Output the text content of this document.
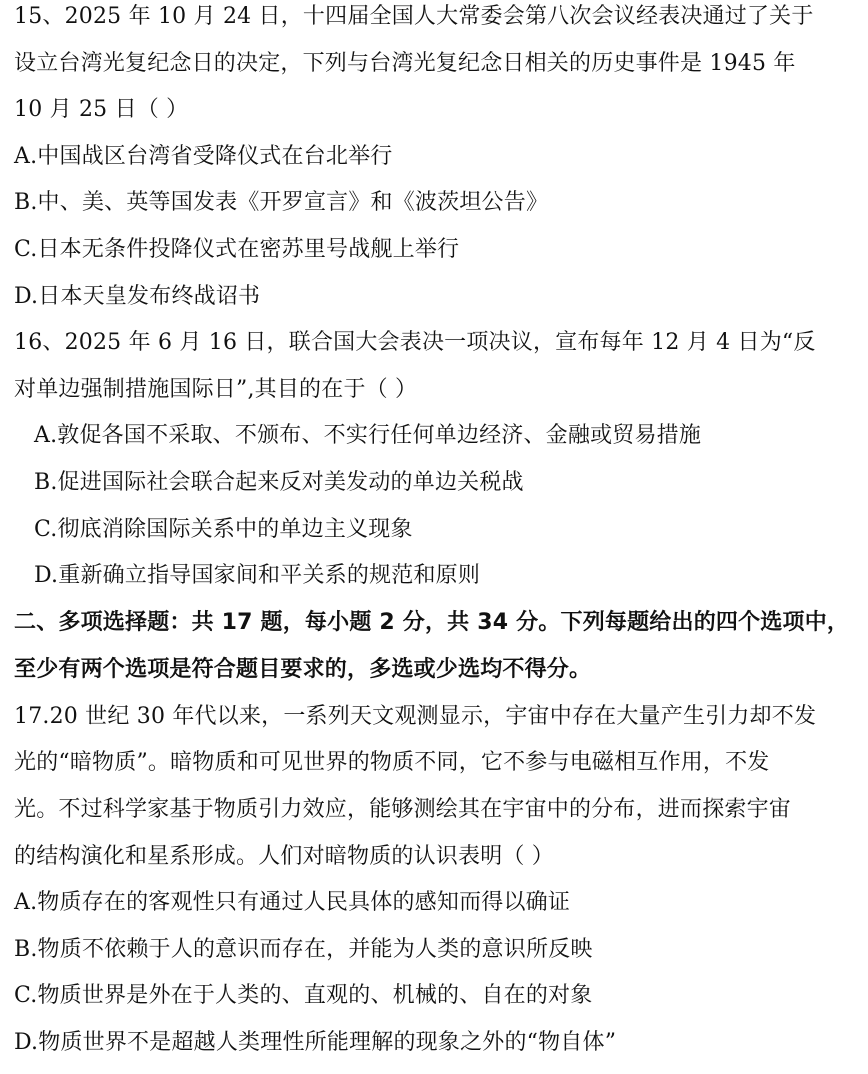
15、2025 年 10 月 24 日，十四届全国人大常委会第八次会议经表决通过了关于
设立台湾光复纪念日的决定，下列与台湾光复纪念日相关的历史事件是 1945 年
10 月 25 日（ ）
A.中国战区台湾省受降仪式在台北举行
B.中、美、英等国发表《开罗宣言》和《波茨坦公告》
C.日本无条件投降仪式在密苏里号战舰上举行
D.日本天皇发布终战诏书
16、2025 年 6 月 16 日，联合国大会表决一项决议，宣布每年 12 月 4 日为“反
对单边强制措施国际日”,其目的在于（ ）
A.敦促各国不采取、不颁布、不实行任何单边经济、金融或贸易措施
B.促进国际社会联合起来反对美发动的单边关税战
C.彻底消除国际关系中的单边主义现象
D.重新确立指导国家间和平关系的规范和原则
二、多项选择题：共 17 题，每小题 2 分，共 34 分。下列每题给出的四个选项中，
至少有两个选项是符合题目要求的，多选或少选均不得分。
17.20 世纪 30 年代以来，一系列天文观测显示，宇宙中存在大量产生引力却不发
光的“暗物质”。暗物质和可见世界的物质不同，它不参与电磁相互作用，不发
光。不过科学家基于物质引力效应，能够测绘其在宇宙中的分布，进而探索宇宙
的结构演化和星系形成。人们对暗物质的认识表明（ ）
A.物质存在的客观性只有通过人民具体的感知而得以确证
B.物质不依赖于人的意识而存在，并能为人类的意识所反映
C.物质世界是外在于人类的、直观的、机械的、自在的对象
D.物质世界不是超越人类理性所能理解的现象之外的“物自体”
